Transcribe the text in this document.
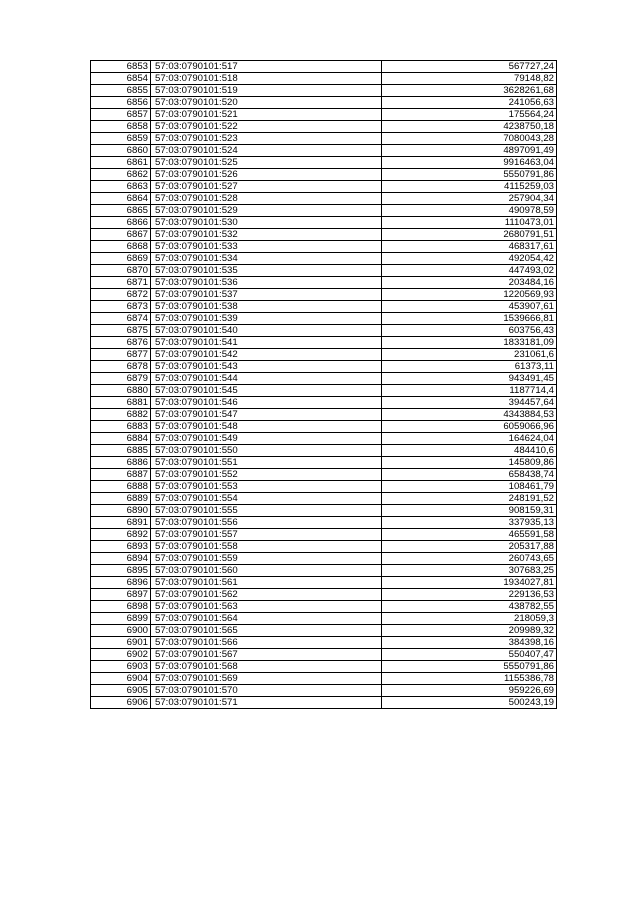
6853	57:03:0790101:517	567727,24
6854	57:03:0790101:518	79148,82
6855	57:03:0790101:519	3628261,68
6856	57:03:0790101:520	241056,63
6857	57:03:0790101:521	175564,24
6858	57:03:0790101:522	4238750,18
6859	57:03:0790101:523	7080043,28
6860	57:03:0790101:524	4897091,49
6861	57:03:0790101:525	9916463,04
6862	57:03:0790101:526	5550791,86
6863	57:03:0790101:527	4115259,03
6864	57:03:0790101:528	257904,34
6865	57:03:0790101:529	490978,59
6866	57:03:0790101:530	1110473,01
6867	57:03:0790101:532	2680791,51
6868	57:03:0790101:533	468317,61
6869	57:03:0790101:534	492054,42
6870	57:03:0790101:535	447493,02
6871	57:03:0790101:536	203484,16
6872	57:03:0790101:537	1220569,93
6873	57:03:0790101:538	453907,61
6874	57:03:0790101:539	1539666,81
6875	57:03:0790101:540	603756,43
6876	57:03:0790101:541	1833181,09
6877	57:03:0790101:542	231061,6
6878	57:03:0790101:543	61373,11
6879	57:03:0790101:544	943491,45
6880	57:03:0790101:545	1187714,4
6881	57:03:0790101:546	394457,64
6882	57:03:0790101:547	4343884,53
6883	57:03:0790101:548	6059066,96
6884	57:03:0790101:549	164624,04
6885	57:03:0790101:550	484410,6
6886	57:03:0790101:551	145809,86
6887	57:03:0790101:552	658438,74
6888	57:03:0790101:553	108461,79
6889	57:03:0790101:554	248191,52
6890	57:03:0790101:555	908159,31
6891	57:03:0790101:556	337935,13
6892	57:03:0790101:557	465591,58
6893	57:03:0790101:558	205317,88
6894	57:03:0790101:559	260743,65
6895	57:03:0790101:560	307683,25
6896	57:03:0790101:561	1934027,81
6897	57:03:0790101:562	229136,53
6898	57:03:0790101:563	438782,55
6899	57:03:0790101:564	218059,3
6900	57:03:0790101:565	209989,32
6901	57:03:0790101:566	384398,16
6902	57:03:0790101:567	550407,47
6903	57:03:0790101:568	5550791,86
6904	57:03:0790101:569	1155386,78
6905	57:03:0790101:570	959226,69
6906	57:03:0790101:571	500243,19
